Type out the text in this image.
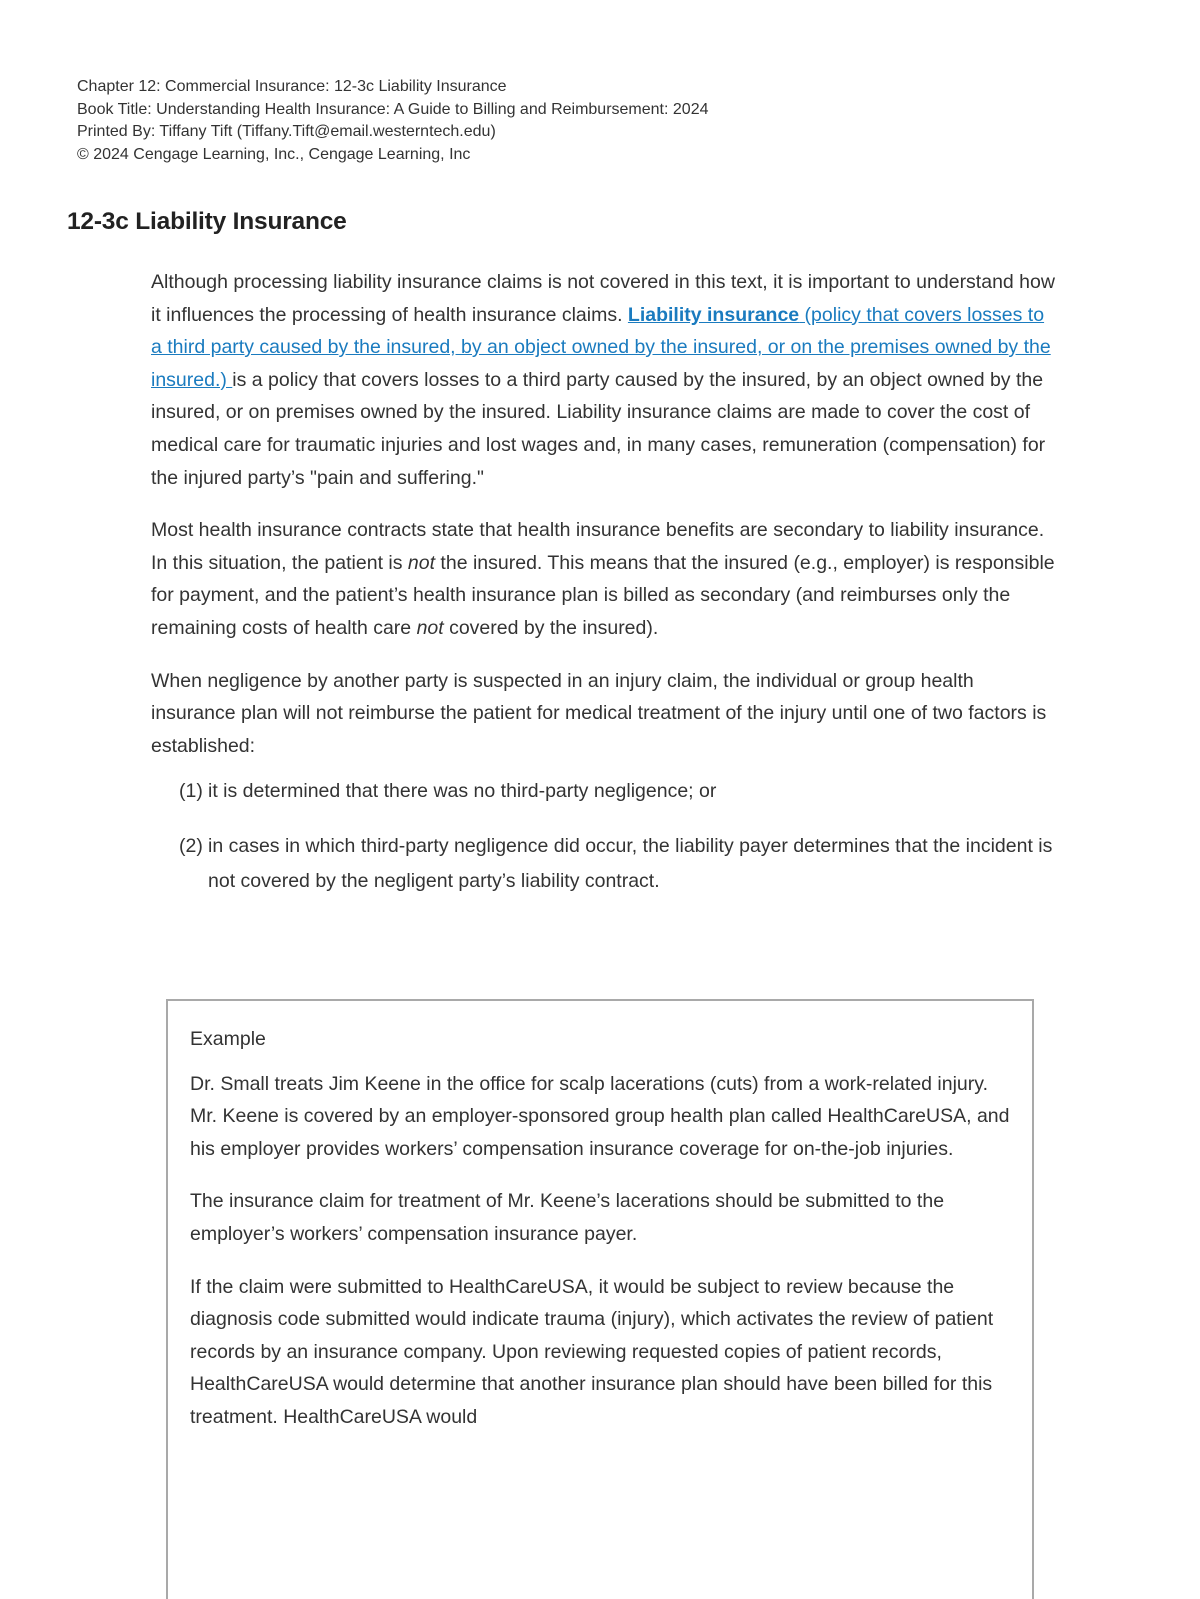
Chapter 12: Commercial Insurance: 12-3c Liability Insurance
Book Title: Understanding Health Insurance: A Guide to Billing and Reimbursement: 2024
Printed By: Tiffany Tift (Tiffany.Tift@email.westerntech.edu)
© 2024 Cengage Learning, Inc., Cengage Learning, Inc
12-3c Liability Insurance

Although processing liability insurance claims is not covered in this text, it is important to understand how it influences the processing of health insurance claims. Liability insurance (policy that covers losses to a third party caused by the insured, by an object owned by the insured, or on the premises owned by the insured.) is a policy that covers losses to a third party caused by the insured, by an object owned by the insured, or on premises owned by the insured. Liability insurance claims are made to cover the cost of medical care for traumatic injuries and lost wages and, in many cases, remuneration (compensation) for the injured party’s "pain and suffering."

Most health insurance contracts state that health insurance benefits are secondary to liability insurance. In this situation, the patient is not the insured. This means that the insured (e.g., employer) is responsible for payment, and the patient’s health insurance plan is billed as secondary (and reimburses only the remaining costs of health care not covered by the insured).

When negligence by another party is suspected in an injury claim, the individual or group health insurance plan will not reimburse the patient for medical treatment of the injury until one of two factors is established:

(1) it is determined that there was no third-party negligence; or
(2) in cases in which third-party negligence did occur, the liability payer determines that the incident is not covered by the negligent party’s liability contract.

Example

Dr. Small treats Jim Keene in the office for scalp lacerations (cuts) from a work-related injury. Mr. Keene is covered by an employer-sponsored group health plan called HealthCareUSA, and his employer provides workers’ compensation insurance coverage for on-the-job injuries.

The insurance claim for treatment of Mr. Keene’s lacerations should be submitted to the employer’s workers’ compensation insurance payer.

If the claim were submitted to HealthCareUSA, it would be subject to review because the diagnosis code submitted would indicate trauma (injury), which activates the review of patient records by an insurance company. Upon reviewing requested copies of patient records, HealthCareUSA would determine that another insurance plan should have been billed for this treatment. HealthCareUSA would
